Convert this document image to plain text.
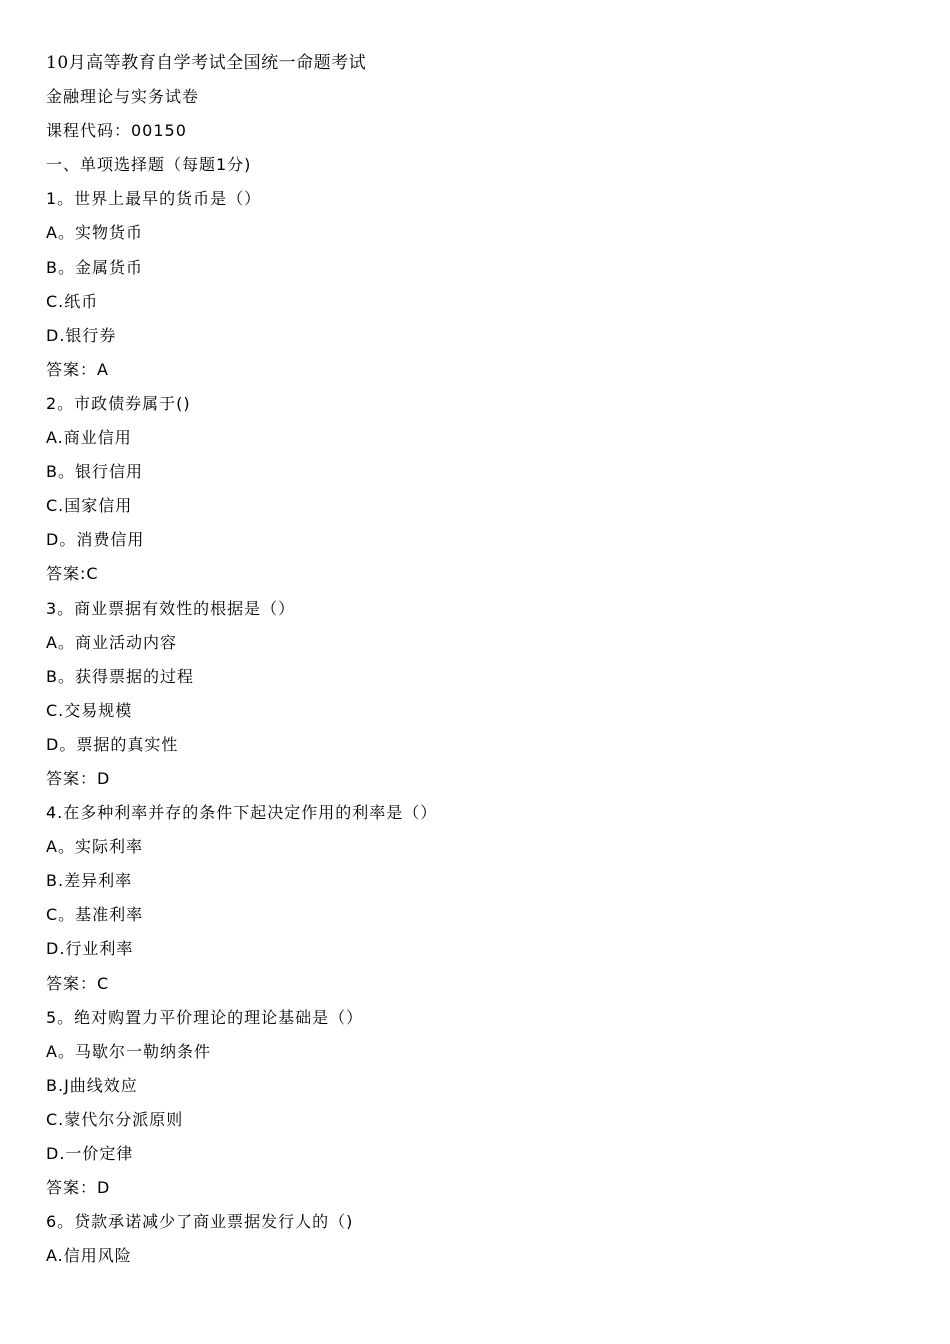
10月高等教育自学考试全国统一命题考试
金融理论与实务试卷
课程代码：00150
一、单项选择题（每题1分)
1。世界上最早的货币是（）
A。实物货币
B。金属货币
C.纸币
D.银行券
答案：A
2。市政债券属于()
A.商业信用
B。银行信用
C.国家信用
D。消费信用
答案:C
3。商业票据有效性的根据是（）
A。商业活动内容
B。获得票据的过程
C.交易规模
D。票据的真实性
答案：D
4.在多种利率并存的条件下起决定作用的利率是（）
A。实际利率
B.差异利率
C。基准利率
D.行业利率
答案：C
5。绝对购置力平价理论的理论基础是（）
A。马歇尔一勒纳条件
B.J曲线效应
C.蒙代尔分派原则
D.一价定律
答案：D
6。贷款承诺减少了商业票据发行人的（)
A.信用风险
